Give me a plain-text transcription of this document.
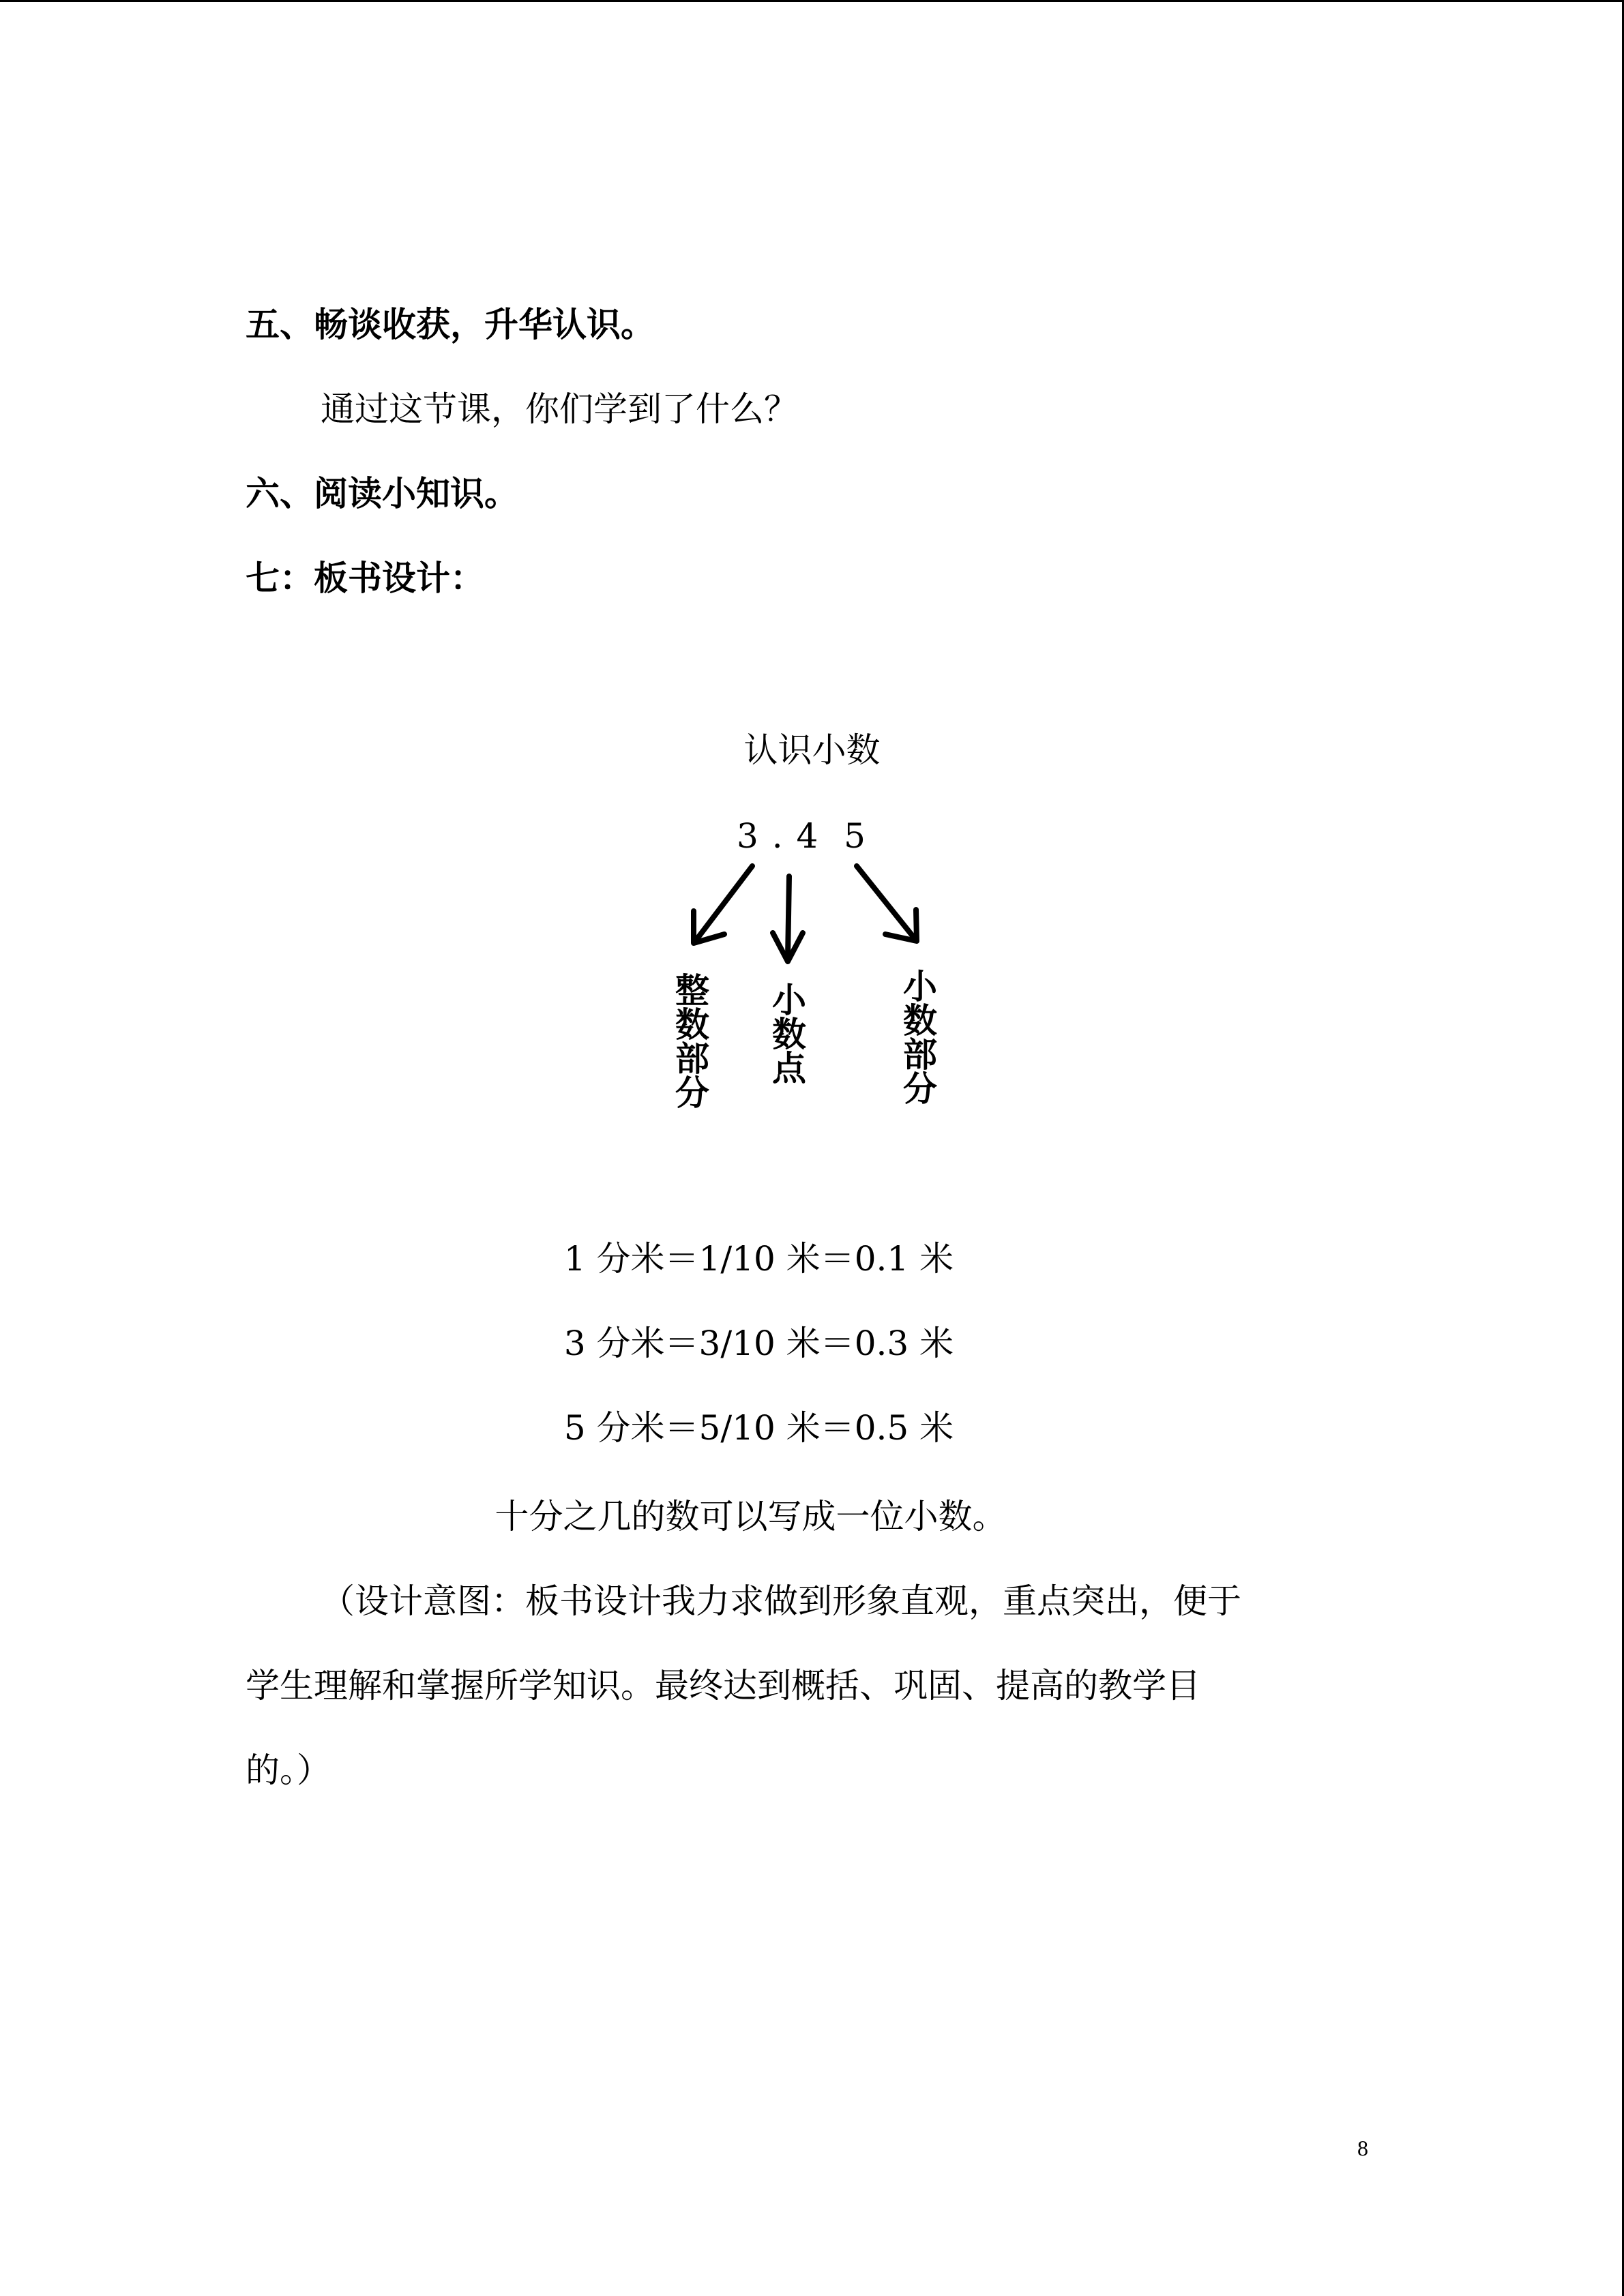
五、畅谈收获，升华认识。
通过这节课，你们学到了什么？
六、阅读小知识。
七：板书设计：
认识小数
3 . 4  5
整数部分 小数点	小数部分
1 分米＝1/10 米＝0.1 米
3 分米＝3/10 米＝0.3 米
5 分米＝5/10 米＝0.5 米
十分之几的数可以写成一位小数。
（设计意图：板书设计我力求做到形象直观，重点突出，便于
学生理解和掌握所学知识。最终达到概括、巩固、提高的教学目
的。）
8
